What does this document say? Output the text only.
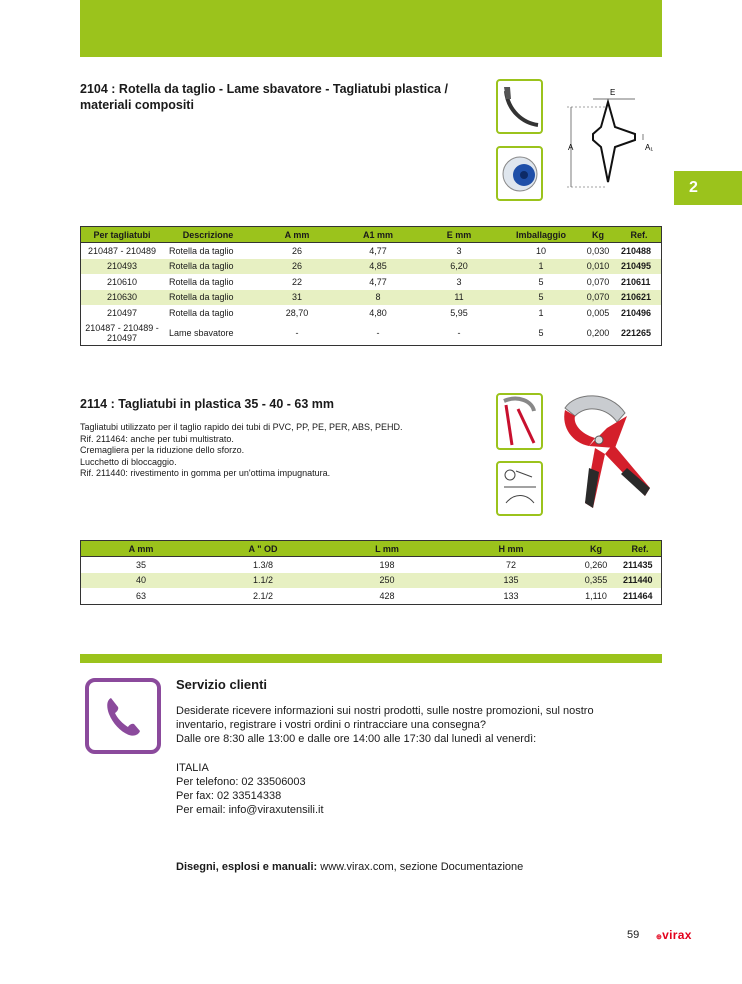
2
2104 : Rotella da taglio - Lame sbavatore - Tagliatubi plastica /
materiali compositi
A
E
A₁
Per tagliatubi	Descrizione	A mm	A1 mm	E mm	Imballaggio	Kg	Ref.
210487 - 210489	Rotella da taglio	26	4,77	3	10	0,030	210488
210493	Rotella da taglio	26	4,85	6,20	1	0,010	210495
210610	Rotella da taglio	22	4,77	3	5	0,070	210611
210630	Rotella da taglio	31	8	11	5	0,070	210621
210497	Rotella da taglio	28,70	4,80	5,95	1	0,005	210496
210487 - 210489 - 210497	Lame sbavatore	-	-	-	5	0,200	221265
2114 : Tagliatubi in plastica 35 - 40 - 63 mm
Tagliatubi utilizzato per il taglio rapido dei tubi di PVC, PP, PE, PER, ABS, PEHD.
Rif. 211464: anche per tubi multistrato.
Cremagliera per la riduzione dello sforzo.
Lucchetto di bloccaggio.
Rif. 211440: rivestimento in gomma per un'ottima impugnatura.
A mm	A " OD	L mm	H mm	Kg	Ref.
35	1.3/8	198	72	0,260	211435
40	1.1/2	250	135	0,355	211440
63	2.1/2	428	133	1,110	211464
Servizio clienti
Desiderate ricevere informazioni sui nostri prodotti, sulle nostre promozioni, sul nostro
inventario, registrare i vostri ordini o rintracciare una consegna?
Dalle ore 8:30 alle 13:00 e dalle ore 14:00 alle 17:30 dal lunedì al venerdì:
ITALIA
Per telefono: 02 33506003
Per fax: 02 33514338
Per email: info@viraxutensili.it
Disegni, esplosi e manuali: www.virax.com, sezione Documentazione
59 ⊕virax
